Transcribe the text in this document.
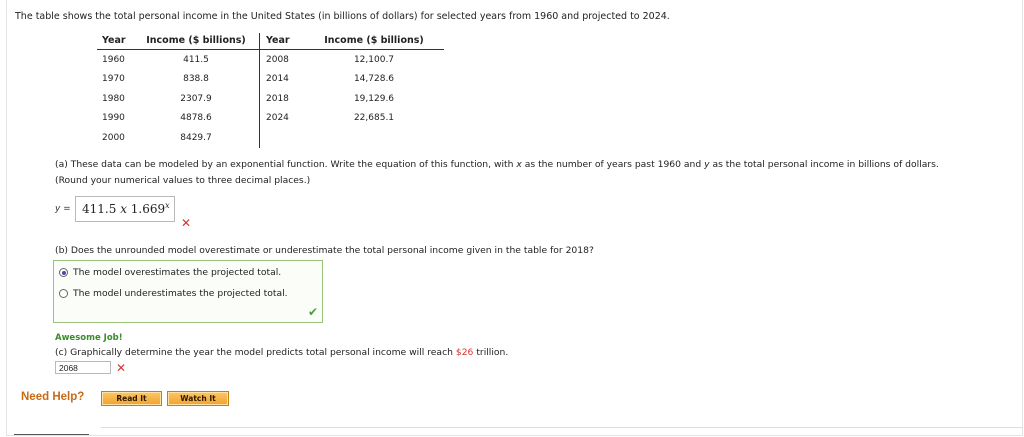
The table shows the total personal income in the United States (in billions of dollars) for selected years from 1960 and projected to 2024.
Year	Income ($ billions)	Year	Income ($ billions)
1960	411.5	2008	12,100.7
1970	838.8	2014	14,728.6
1980	2307.9	2018	19,129.6
1990	4878.6	2024	22,685.1
2000	8429.7		
(a) These data can be modeled by an exponential function. Write the equation of this function, with x as the number of years past 1960 and y as the total personal income in billions of dollars.
(Round your numerical values to three decimal places.)
y = 411.5 x 1.669$^x$
✕
(b) Does the unrounded model overestimate or underestimate the total personal income given in the table for 2018?
The model overestimates the projected total.
The model underestimates the projected total.
✔
Awesome Job!
(c) Graphically determine the year the model predicts total personal income will reach $26 trillion.
2068	✕
Need Help?	Read It	Watch It
